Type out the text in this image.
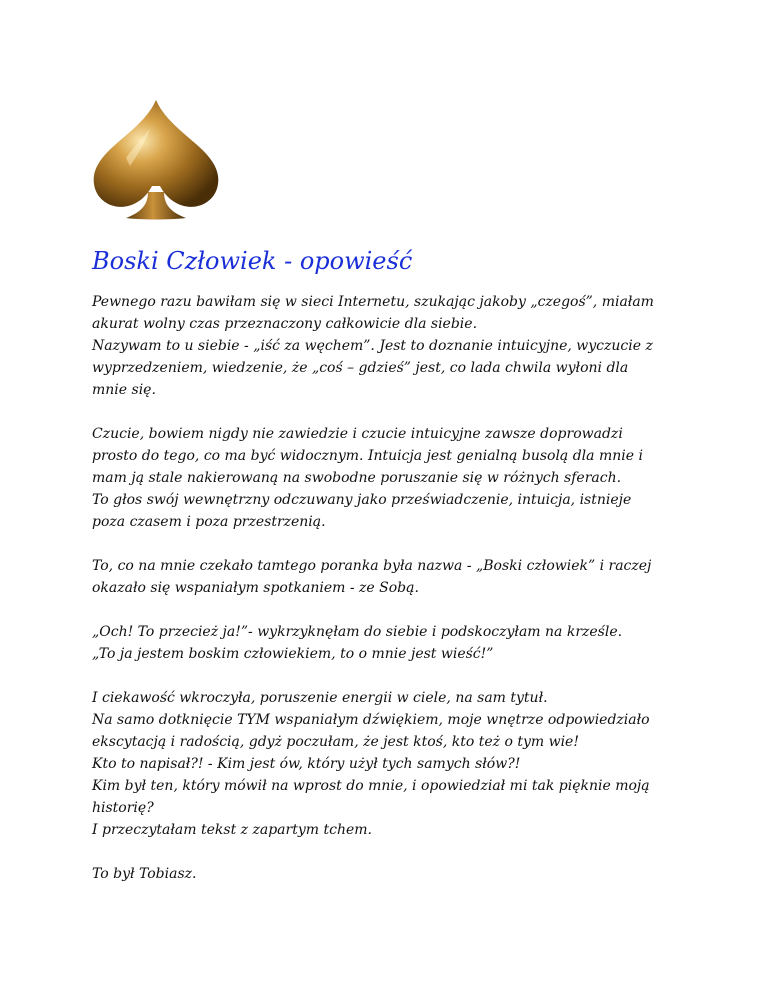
Boski Człowiek - opowieść

Pewnego razu bawiłam się w sieci Internetu, szukając jakoby „czegoś”, miałam
akurat wolny czas przeznaczony całkowicie dla siebie.
Nazywam to u siebie - „iść za węchem”. Jest to doznanie intuicyjne, wyczucie z
wyprzedzeniem, wiedzenie, że „coś – gdzieś” jest, co lada chwila wyłoni dla
mnie się.

Czucie, bowiem nigdy nie zawiedzie i czucie intuicyjne zawsze doprowadzi
prosto do tego, co ma być widocznym. Intuicja jest genialną busolą dla mnie i
mam ją stale nakierowaną na swobodne poruszanie się w różnych sferach.
To głos swój wewnętrzny odczuwany jako przeświadczenie, intuicja, istnieje
poza czasem i poza przestrzenią.

To, co na mnie czekało tamtego poranka była nazwa - „Boski człowiek” i raczej
okazało się wspaniałym spotkaniem - ze Sobą.

„Och! To przecież ja!”- wykrzyknęłam do siebie i podskoczyłam na krześle.
„To ja jestem boskim człowiekiem, to o mnie jest wieść!”

I ciekawość wkroczyła, poruszenie energii w ciele, na sam tytuł.
Na samo dotknięcie TYM wspaniałym dźwiękiem, moje wnętrze odpowiedziało
ekscytacją i radością, gdyż poczułam, że jest ktoś, kto też o tym wie!
Kto to napisał?! - Kim jest ów, który użył tych samych słów?!
Kim był ten, który mówił na wprost do mnie, i opowiedział mi tak pięknie moją
historię?
I przeczytałam tekst z zapartym tchem.

To był Tobiasz.
